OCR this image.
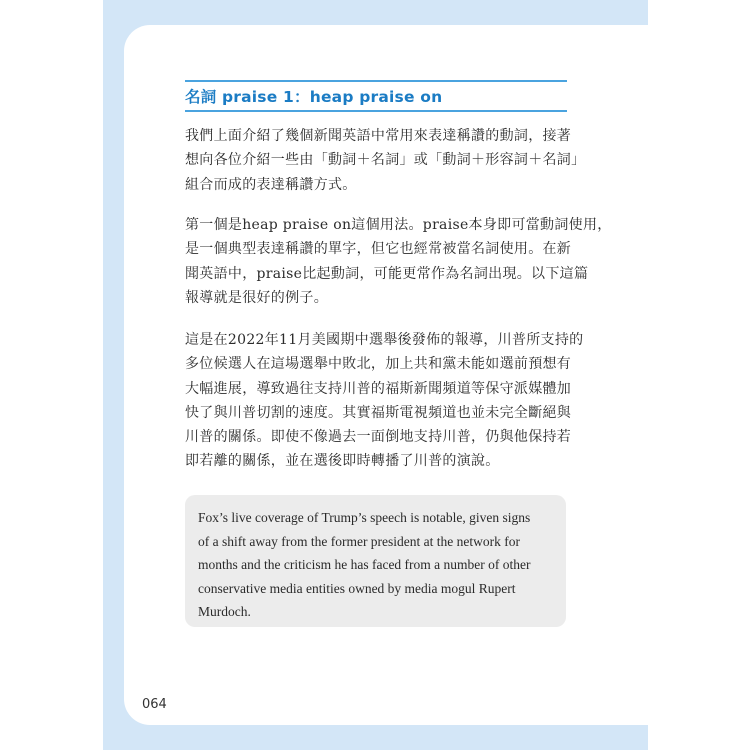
名詞 praise 1：heap praise on

我們上面介紹了幾個新聞英語中常用來表達稱讚的動詞，接著
想向各位介紹一些由「動詞＋名詞」或「動詞＋形容詞＋名詞」
組合而成的表達稱讚方式。

第一個是heap praise on這個用法。praise本身即可當動詞使用，
是一個典型表達稱讚的單字，但它也經常被當名詞使用。在新
聞英語中，praise比起動詞，可能更常作為名詞出現。以下這篇
報導就是很好的例子。

這是在2022年11月美國期中選舉後發佈的報導，川普所支持的
多位候選人在這場選舉中敗北，加上共和黨未能如選前預想有
大幅進展，導致過往支持川普的福斯新聞頻道等保守派媒體加
快了與川普切割的速度。其實福斯電視頻道也並未完全斷絕與
川普的關係。即使不像過去一面倒地支持川普，仍與他保持若
即若離的關係，並在選後即時轉播了川普的演說。

Fox’s live coverage of Trump’s speech is notable, given signs
of a shift away from the former president at the network for
months and the criticism he has faced from a number of other
conservative media entities owned by media mogul Rupert
Murdoch.
064
